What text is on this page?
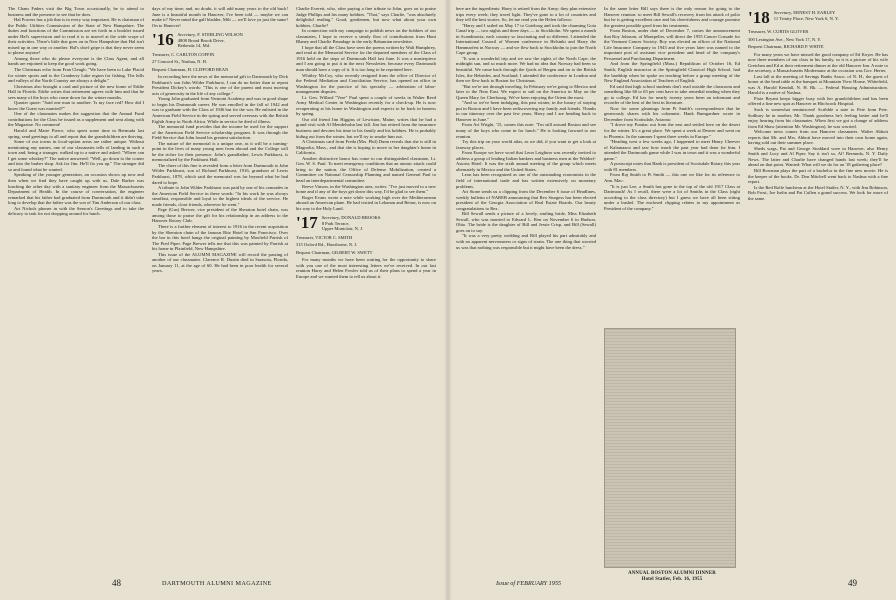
The Cham Faders visit the Big Town occasionally, be to attend to business and the presence to see that he does.

Hal Powers has a job that is in every way important. He is chairman of the Public Utilities Commission of the State of New Hampshire. The duties and functions of the Commission are set forth in a booklet issued under Hal's supervision and to read it is to marvel at the wide scope of their activities. There's little that goes on in New Hampshire that Hal isn't mixed up in one way or another. Hal's chief gripe is that they never seem to please anyone!

Among those who do please everyone is the Class Agent, and all hands are enjoined to keep the good work going.

The Christmas echo from Fran Cleugh: "We have been to Lake Placid for winter sports and to the Cranberry Lake region for fishing. The hills and valleys of the North Country are always a delight."

Christmas also brought a card and picture of the new home of Eddie Hall in Florida. Eddie writes that retirement agrees with him and that he sees many of the boys who come down for the winter months.

Quarter quote: "Said one man to another: 'Is my face red? How did I know the Guest was married?'"

One of the classmates makes the suggestion that the Annual Fund contributions for the Class be issued as a supplement and sent along with the Magazine. No comment!

Harold and Marie Pierce, who spent some time in Bermuda last spring, send greetings to all and report that the grandchildren are thriving.

Some of our towns in local-option areas are rather unique. Without mentioning any names, one of our classmates tells of landing in such a town and, being a stranger, walked up to a native and asked: "Where can I get some whiskey?" The native answered: "Well, go down to the corner and into the barber shop. Ask for Jim. He'll fix you up." The stranger did so and found what he wanted.

Speaking of the younger generation, an occasion shows up now and then when we find they have caught up with us. Dale Barker was lunching the other day with a sanitary engineer from the Massachusetts Department of Health. In the course of conversation, the engineer remarked that his father had graduated from Dartmouth and it didn't take long to develop that the father was the son of Tim Anderson of our class.

Art Nichols phones in with the Season's Greetings and to take the delicacy to task for not dropping around for lunch.

days of my time; and, no doubt, it will add many years to the old buck! June is a beautiful month in Hanover, I've been told — maybe we can make it? Never mind the gall bladder, Milt — we'll love ya just the same! On to Hanover!

'16 Secretary, F. STERLING WILSON
4808 Broad Brook Drive,
Bethesda 14, Md.
Treasurer, C. CARLTON COFFIN
27 Concord St., Nashua, N. H.
Bequest Chairman, H. CLIFFORD BEAN

In recording here the news of the memorial gift to Dartmouth by Dick Parkhurst's son John Wilder Parkhurst, I can do no better than to repeat President Dickey's words: "This is one of the parent and most moving acts of generosity in the life of any college."

Young John graduated from Vermont Academy and was in good shape to begin his Dartmouth career. He was enrolled in the fall of 1942 and was to graduate with the Class of 1946 but for the war. He enlisted in the American Field Service in the spring and served overseas with the British Eighth Army in North Africa. While in service he died of illness.

The memorial fund provides that the income be used for the support of the American Field Service scholarship program. It was through the Field Service that John found his greatest satisfaction.

The nature of the memorial is a unique one, as it will be a turning-point in the lives of many young men from abroad and the College will be the richer for their presence. John's grandfather, Lewis Parkhurst, is memorialized by the Parkhurst Hall.

The cheer of this fine is revealed from a letter from Dartmouth to John Wilder Parkhurst, son of Richard Parkhurst, 1916, grandson of Lewis Parkhurst, 1878, which said the memorial was far beyond what he had dared to hope.

A tribute to John Wilder Parkhurst was paid by one of his comrades in the American Field Service in these words: "In his work he was always steadfast, responsible and loyal to the highest ideals of the service. He made friends, close friends, wherever he went."

Page (Gus) Brewer, vice president of the Sheraton hotel chain, was among those to praise the gift for his relationship in an address to the Hanover Rotary Club.

There is a further element of interest to 1916 in the recent acquisition by the Sheraton chain of the famous Ritz Hotel in San Francisco. Over the bar in this hotel hangs the original painting by Maxfield Parrish of The Pied Piper. Page Brewer tells me that this was painted by Parrish at his home in Plainfield, New Hampshire.

This issue of the ALUMNI MAGAZINE will record the passing of another of our classmates. Clarence R. Dustin died in Sarasota, Florida, on January 11, at the age of 60. He had been in poor health for several years.

Charlie Everett, who, after paying a fine tribute to John, goes on to praise Judge Phillips and his many hobbies. "That," says Charlie, "was absolutely delightful reading." Good, gentlemen, but now what about your own hobbies, Charlie?

In connection with my campaign to publish news on the hobbies of our classmates, I hope to receive a steady flow of contributions from Hunt Blaney and Charlie Brundage in the early Bahamian newsletter.

I hope that all the Class have seen the poems written by Walt Humphrey, and read at the Memorial Service for the departed members of the Class of 1916 held on the steps of Dartmouth Hall last June. It was a masterpiece and I am going to put it in the next Newsletter, because every Dartmouth man should have a copy of it. It is too long to be reprinted here.

Whitley McCoy, who recently resigned from the office of Director of the Federal Mediation and Conciliation Service, has opened an office in Washington for the practice of his specialty — arbitration of labor-management disputes.

Lt. Gen. Willard "Vere" Paul spent a couple of weeks in Walter Reed Army Medical Center in Washington recently for a check-up. He is now recuperating at his home in Washington and expects to be back in harness by spring.

Our old friend Jim Higgins of Lewiston, Maine, writes that he had a grand visit with Al Mendelsohn last fall. Jim has retired from the insurance business and devotes his time to his family and his hobbies. He is probably hiding out from the winter, but we'll try to smoke him out.

A Christmas card from Freda (Mrs. Phil) Dunn reveals that she is still in Magnolia, Mass., and that she is hoping to move to her daughter's home in California.

Another distinctive honor has come to our distinguished classmate, Lt. Gen. W. S. Paul. To meet emergency conditions that an atomic attack could bring to the nation, the Office of Defense Mobilization, created a Committee on National Censorship Planning and named General Paul to head an interdepartmental committee.

Reeve Vinson, in the Washington area, writes: "I've just moved to a new home and if any of the boys get down this way, I'd be glad to see them."

Roger Evans wrote a note while working high over the Mediterranean aboard an American plane. He had visited in Lebanon and Beirut, is now on his way to the Holy Land.

'17 Secretary, DONALD BROOKS
8 Park Terrace,
Upper Montclair, N. J.
Treasurer, VICTOR C. SMITH
315 Oxford Rd., Hawthorne, N. J.
Bequest Chairman, GILBERT W. SWETT

For many months we have been waiting for the opportunity to share with you one of the most interesting letters we've received. In our last reunion Harry and Helen Fowler told us of their plans to spend a year in Europe and we wanted them to tell us about it.

here are the ingredients: Harry is retired from the Army; they plan extensive trips every week; they travel light. They've gone to a lot of countries and they tell the best stories. So, let me read you the Helen follows:

"Harry and I sailed on May 17 to Goteborg and took the charming Gota Canal trip — two nights and three days — to Stockholm. We spent a month in Scandinavia, each country so fascinating and so different. I attended the International Council of Women conference in Helsinki and Harry the Hammarfest in Norway — and we flew back to Stockholm to join the North Cape group.

"It was a wonderful trip and we saw the sights of the North Cape, the midnight sun, and so much more. We had no idea that Norway had been so beautiful. We came back through the fjords of Bergen and on to the British Isles, the Hebrides, and Scotland. I attended the conference in London and then we flew back to Boston for Christmas.

"But we're not through traveling. In February we're going to Mexico and later to the Near East. We expect to sail on the America in May on the Queen Mary for Cherbourg. We've been enjoying the Orient the most.

"And so we've been indulging, this past winter, in the luxury of staying put in Boston and I have been rediscovering my family and friends. Thanks to our itinerary over the past few years, Harry and I are heading back to Hanover in June."

From Art Wright, '15, comes this note: "I'm still around Boston and see many of the boys who come in for lunch." He is looking forward to our reunion.

Try this trip on your world atlas, as we did, if you want to get a look at faraway places.

From Europe we have word that Leon Leighton was recently invited to address a group of leading Italian bankers and business men at the Waldorf-Astoria Hotel. It was the sixth annual meeting of the group which meets alternately in Mexico and the United States.

Leon has been recognized as one of the outstanding economists in the field of international trade and has written extensively on monetary problems.

Art Stone sends us a clipping from the December 6 issue of Headlines, weekly bulletin of NAREB announcing that Rex Sturgess has been elected president of the Georgia Association of Real Estate Boards. Our hearty congratulations to Rex.

Bill Sewall sends a picture of a lovely, smiling bride, Miss Elizabeth Sewall, who was married to Edward L. Ren on November 6 in Hudson, Ohio. The bride is the daughter of Bill and Jessie Crisp, and Bill (Sewall) goes on to say:

"It was a very pretty wedding and Bill played his part admirably and with no apparent nervousness or signs of strain. The one thing that worried us was that nothing was responsible but it might have been the dress."

In the same letter Bill says there is the only reason for going to the Hanover reunion: to meet Bill Sewall's recovery from his attack of polio but he is getting excellent care and his cheerfulness and courage promise the greatest possible good from his treatments.

From Boston, under date of December 7, comes the announcement that Roy Johnson, of Montpelier, will direct the 1955 Cancer Crusade for the Vermont Cancer Society. Roy was elected an officer of the National Life Insurance Company in 1943 and five years later was named to the important post of assistant vice president and head of the company's Personnel and Purchasing Department.

And from the Springfield (Mass.) Republican of October 16, Ed Smith, English instructor at the Springfield Classical High School, had the hardship when he spoke on teaching before a group meeting of the New England Association of Teachers of English.

Ed said that high school students don't read outside the classroom and something like 60 to 65 per cent have to take remedial reading when they go to college. Ed has for nearly twenty years been an informant and recorder of the best of the best in literature.

Now for some gleanings from Pi Smith's correspondence that he generously shares with his columnist. Hank Bumgardner wrote in December from Scottsdale, Arizona:

"I drove my Pontiac out from the east and settled here on the desert for the winter. It's a great place. We spent a week at Denver and went on to Phoenix. In the summer I spent three weeks in Europe."

"Heading west a few weeks ago, I happened to meet Henry Cheever of Kalamazoo and saw how much the past year had done for him. I attended the Dartmouth game while I was in town and it was a wonderful game."

A postscript notes that Hank is president of Scottsdale Rotary this year with 81 members.

From Raj Smith to Pi Smith — this one we like for its reference to Ann. Mac:

"It is just Lee, a Smith has gone to the top of the old 1917 Class at Dartmouth! As I recall, there were a lot of Smiths in the Class (right according to the class directory) but I guess we have all been sitting under a bushel. The enclosed clipping relates to my appointment as President of the company."

'18 Secretary, ERNEST H. EARLEY
11 Trinity Place, New York 6, N. Y.
Treasurer, W. CURTIS GLOVER
300 Lexington Ave., New York 17, N. Y.
Bequest Chairman, RICHARD P. WHITE

For many years we have missed the good company of Ed Koyer. He has now three members of our class in his family, so it is a picture of his wife Gretchen and Ed at their retirement dinner at the old Hanover Inn. A note to the secretary, a Massachusetts Modernator at the occasion was Gov. Herter.

Last fall at the meeting of Savings Banks Assoc. of N. H., the guest of honor at the head table at the banquet at Mountain View House, Whitefield, was A. Harold Kendall, N. H. Bk. — Federal Housing Administration. Harold is a native of Nashua.

Pixie Bryant keeps bigger busy with her grandchildren and has been offered a fine new spot at Hanover in Hitchcock Hospital.

Such is somewhat reminiscent! Scribble a note to Pete from Pete. Sodbury he in another, Mr. Thank goodness he's feeling better and he'll enjoy hearing from his classmates. When first we got a change of address from Ed Shaw (attention Mr. Washington), he was worried.

Welcome news comes from our Hanover classmates. Walter Abbott reports that Mr. and Mrs. Abbott have moved into their own home again, having sold out their summer place.

Sheds wags, Pat and George Stoddard were in Hanover, also Henry Smith and Lucy and Al Piper. Say it isn't so, Al! Bermuda, N. Y. Daily News. The latter and Charlie have changed hands last week; they'll be ahead on that point. Wanted: What will we do for an '18 gathering place?

Bill Bowman plays the part of a bachelor in the fine new movie. He is the keeper of the books. Dr. Don Mitchell went back to Nashua with a fine report.

Is the Red Rolfe luncheon at the Hotel Statler, N. Y., with Jim Robinson, Bob Frost, Joe Iselin and Pat Cullen a grand success. We look for more of the same.

ANNUAL BOSTON ALUMNI DINNER
Hotel Statler, Feb. 16, 1955
48	DARTMOUTH ALUMNI MAGAZINE	Issue of FEBRUARY 1955	49
